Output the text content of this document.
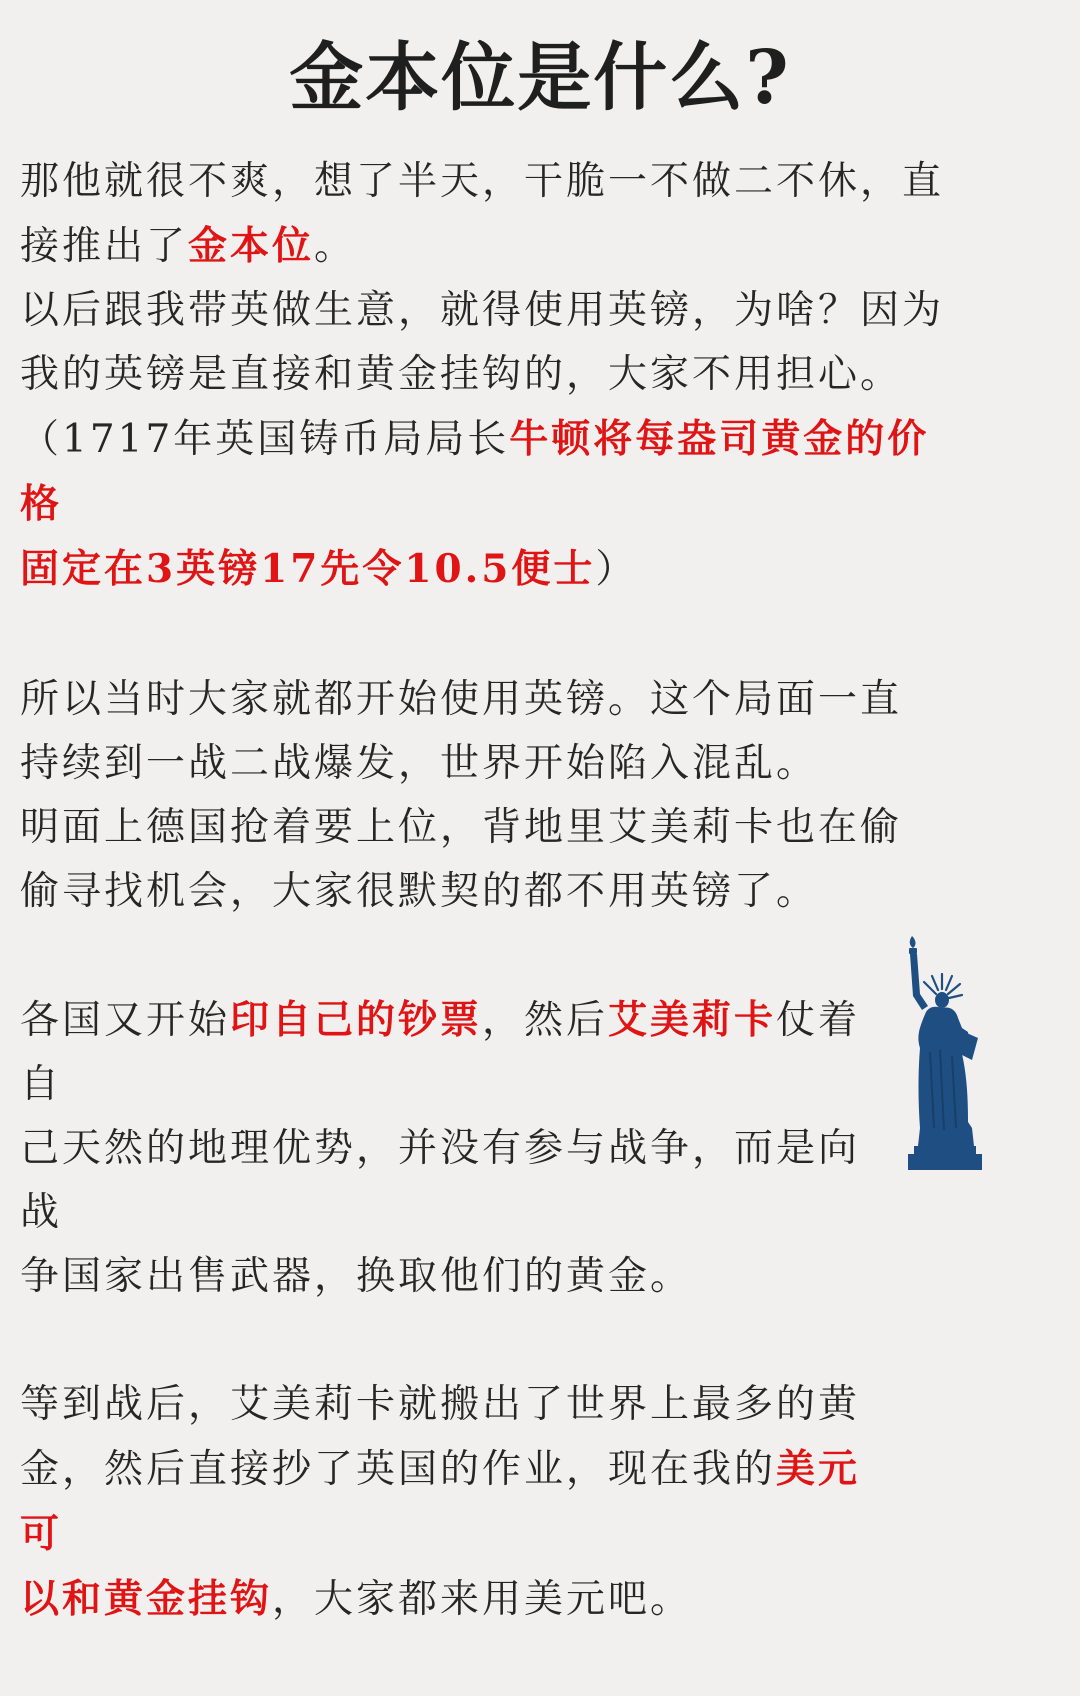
金本位是什么?

那他就很不爽，想了半天，干脆一不做二不休，直
接推出了金本位。
以后跟我带英做生意，就得使用英镑，为啥？因为
我的英镑是直接和黄金挂钩的，大家不用担心。
（1717年英国铸币局局长牛顿将每盎司黄金的价格
固定在3英镑17先令10.5便士）

所以当时大家就都开始使用英镑。这个局面一直
持续到一战二战爆发，世界开始陷入混乱。
明面上德国抢着要上位，背地里艾美莉卡也在偷
偷寻找机会，大家很默契的都不用英镑了。

各国又开始印自己的钞票，然后艾美莉卡仗着自
己天然的地理优势，并没有参与战争，而是向战
争国家出售武器，换取他们的黄金。

等到战后，艾美莉卡就搬出了世界上最多的黄
金，然后直接抄了英国的作业，现在我的美元可
以和黄金挂钩，大家都来用美元吧。
